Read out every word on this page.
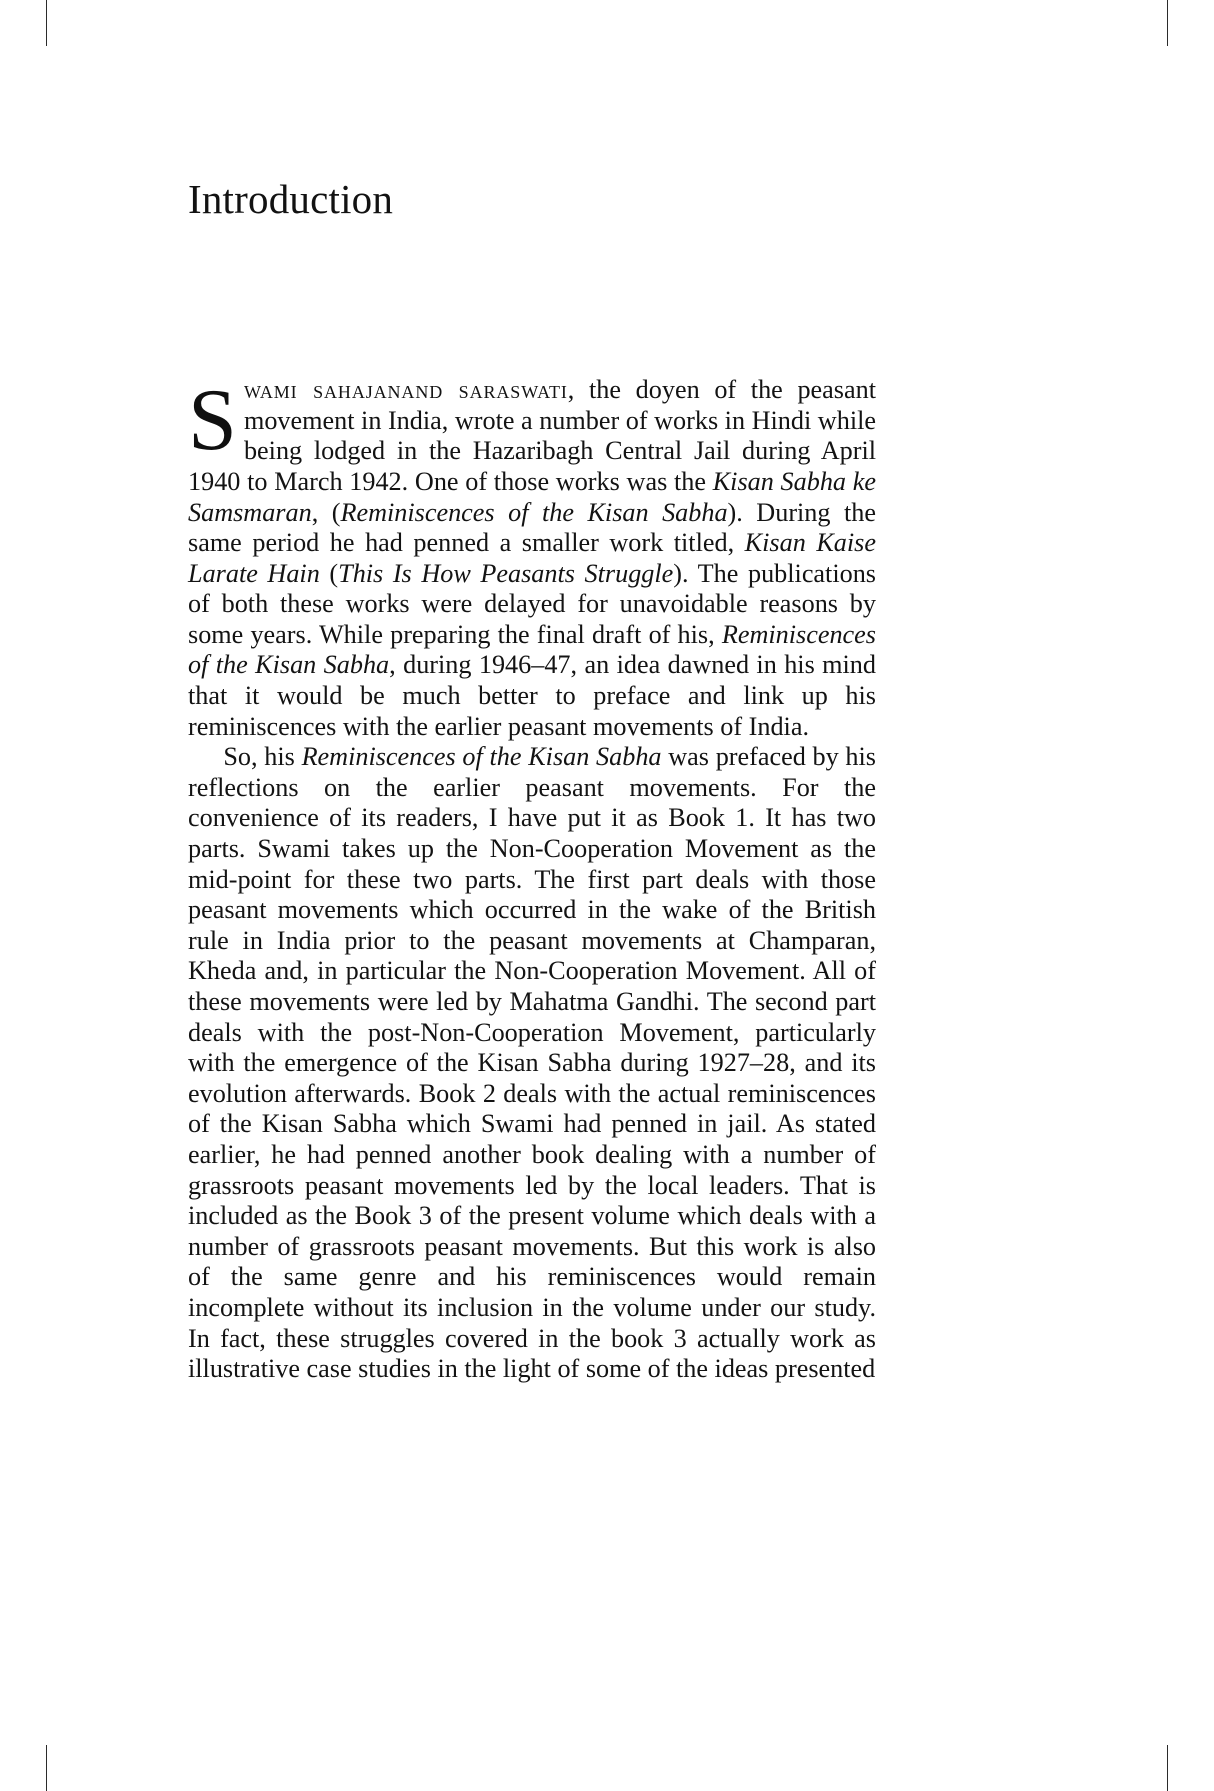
Introduction

Swami sahajanand saraswati, the doyen of the peasant movement in India, wrote a number of works in Hindi while being lodged in the Hazaribagh Central Jail during April 1940 to March 1942. One of those works was the Kisan Sabha ke Samsmaran, (Reminiscences of the Kisan Sabha). During the same period he had penned a smaller work titled, Kisan Kaise Larate Hain (This Is How Peasants Struggle). The publications of both these works were delayed for unavoidable reasons by some years. While preparing the final draft of his, Reminiscences of the Kisan Sabha, during 1946–47, an idea dawned in his mind that it would be much better to preface and link up his reminiscences with the earlier peasant movements of India.

So, his Reminiscences of the Kisan Sabha was prefaced by his reflections on the earlier peasant movements. For the convenience of its readers, I have put it as Book 1. It has two parts. Swami takes up the Non-Cooperation Movement as the mid-point for these two parts. The first part deals with those peasant movements which occurred in the wake of the British rule in India prior to the peasant movements at Champaran, Kheda and, in particular the Non-Cooperation Movement. All of these movements were led by Mahatma Gandhi. The second part deals with the post-Non-Cooperation Movement, particularly with the emergence of the Kisan Sabha during 1927–28, and its evolution afterwards. Book 2 deals with the actual reminiscences of the Kisan Sabha which Swami had penned in jail. As stated earlier, he had penned another book dealing with a number of grassroots peasant movements led by the local leaders. That is included as the Book 3 of the present volume which deals with a number of grassroots peasant movements. But this work is also of the same genre and his reminiscences would remain incomplete without its inclusion in the volume under our study. In fact, these struggles covered in the book 3 actually work as illustrative case studies in the light of some of the ideas presented
